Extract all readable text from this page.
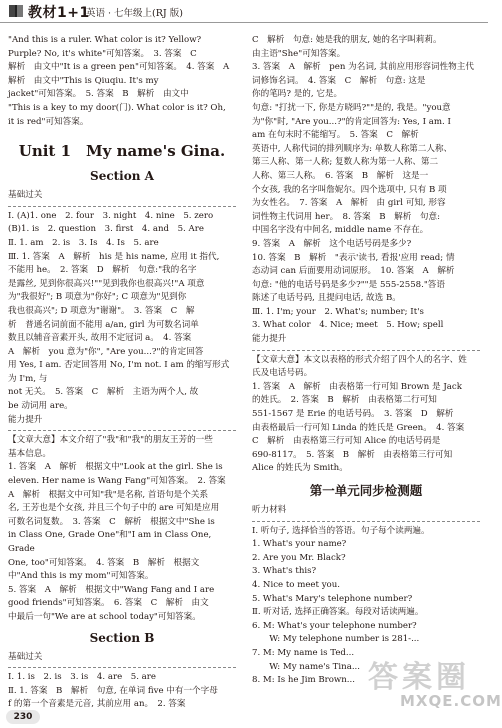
教材1+1
英语 · 七年级上(RJ 版)

"And this is a ruler. What color is it? Yellow?

Purple? No, it's white"可知答案。　3. 答案　C

解析　由文中"It is a green pen"可知答案。　4. 答案　A

解析　由文中"This is Qiuqiu. It's my

jacket"可知答案。　5. 答案　B　解析　由文中

"This is a key to my door(门). What color is it? Oh,

it is red"可知答案。

Unit 1　My name's Gina.

Section A

基础过关

Ⅰ. (A)1. one　2. four　3. night　4. nine　5. zero

(B)1. is　2. question　3. first　4. and　5. Are

Ⅱ. 1. am　2. is　3. Is　4. Is　5. are

Ⅲ. 1. 答案　A　解析　his 是 his name, 应用 it 指代,

不能用 he。　2. 答案　D　解析　句意:"我的名字

是露丝, 见到你很高兴!""见到我你也很高兴!"A 项意

为"我很好"; B 项意为"你好"; C 项意为"见到你

我也很高兴"; D 项意为"谢谢"。　3. 答案　C　解

析　普通名词前面不能用 a/an, girl 为可数名词单

数且以辅音音素开头, 故用不定冠词 a。　4. 答案

A　解析　you 意为"你", "Are you...?"的肯定回答

用 Yes, I am. 否定回答用 No, I'm not. I am 的缩写形式为 I'm, 与

not 无关。　5. 答案　C　解析　主语为两个人, 故

be 动词用 are。

能力提升

【文章大意】本文介绍了"我"和"我"的朋友王芳的一些

基本信息。

1. 答案　A　解析　根据文中"Look at the girl. She is

eleven. Her name is Wang Fang"可知答案。　2. 答案

A　解析　根据文中可知"我"是名称, 首语句是个关系

名, 王芳也是个女孩, 并且三个句子中的 are 可知是应用

可数名词复数。　3. 答案　C　解析　根据文中"She is

in Class One, Grade One"和"I am in Class One, Grade

One, too"可知答案。　4. 答案　B　解析　根据文

中"And this is my mom"可知答案。

5. 答案　A　解析　根据文中"Wang Fang and I are

good friends"可知答案。　6. 答案　C　解析　由文

中最后一句"We are at school today"可知答案。

Section B

基础过关

Ⅰ. 1. is　2. is　3. is　4. are　5. are

Ⅱ. 1. 答案　B　解析　句意, 在单词 five 中有一个字母

f 的第一个音素是元音, 其前应用 an。　2. 答案

C　解析　句意: 她是我的朋友, 她的名字叫莉莉。

由主语"She"可知答案。

3. 答案　A　解析　pen 为名词, 其前应用形容词性物主代

词修饰名词。　4. 答案　C　解析　句意: 这是

你的笔吗? 是的, 它是。

句意: "打扰一下, 你是方晓吗?""是的, 我是。"you意

为"你"时, "Are you...?"的肯定回答为: Yes, I am. I

am 在句末时不能缩写。　5. 答案　C　解析

英语中, 人称代词的排列顺序为: 单数人称第二人称、

第三人称、第一人称; 复数人称为第一人称、第二

人称、第三人称。　6. 答案　B　解析　这是一

个女孩, 我的名字叫詹妮尔。四个选项中, 只有 B 项

为女性名。　7. 答案　A　解析　由 girl 可知, 形容

词性物主代词用 her。　8. 答案　B　解析　句意:

中国名字没有中间名, middle name 不存在。

9. 答案　A　解析　这个电话号码是多少?

10. 答案　B　解析　"表示'读书, 看报'应用 read; 情

态动词 can 后面要用动词原形。　10. 答案　A　解析

句意: "他的电话号码是多少?""是 555-2558."答语

陈述了电话号码, 且提问电话, 故选 B。

Ⅲ. 1. I'm; your　2. What's; number; It's

3. What color　4. Nice; meet　5. How; spell

能力提升

【文章大意】本文以表格的形式介绍了四个人的名字、姓

氏及电话号码。

1. 答案　A　解析　由表格第一行可知 Brown 是 Jack

的姓氏。　2. 答案　B　解析　由表格第二行可知

551-1567 是 Erie 的电话号码。　3. 答案　D　解析

由表格最后一行可知 Linda 的姓氏是 Green。　4. 答案

C　解析　由表格第三行可知 Alice 的电话号码是

690-8117。　5. 答案　B　解析　由表格第三行可知

Alice 的姓氏为 Smith。

第一单元同步检测题

听力材料

Ⅰ. 听句子, 选择恰当的答语。句子每个读两遍。

1. What's your name?

2. Are you Mr. Black?

3. What's this?

4. Nice to meet you.

5. What's Mary's telephone number?

Ⅱ. 听对话, 选择正确答案。每段对话读两遍。

6. M: What's your telephone number?

　　W: My telephone number is 281-...

7. M: My name is Ted...

　　W: My name's Tina...

8. M: Is he Jim Brown...

230
答案圈
MXQE.COM
